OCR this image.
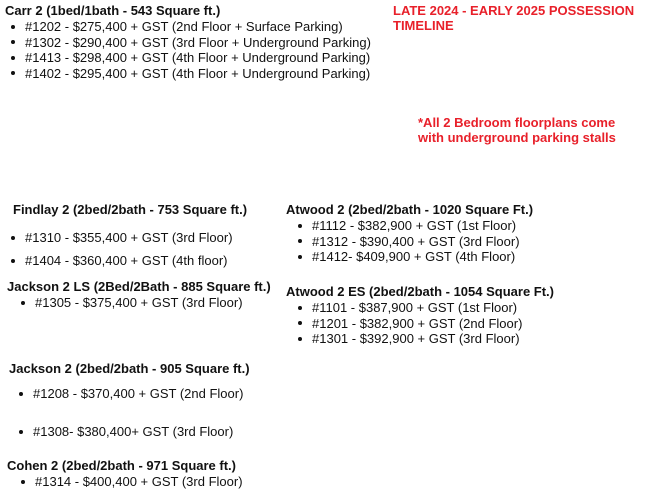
LATE 2024 - EARLY 2025 POSSESSION
TIMELINE
*All 2 Bedroom floorplans come
with underground parking stalls
Carr 2 (1bed/1bath - 543 Square ft.)
#1202 - $275,400 + GST (2nd Floor + Surface Parking)
#1302 - $290,400 + GST (3rd Floor + Underground Parking)
#1413 - $298,400 + GST (4th Floor + Underground Parking)
#1402 - $295,400 + GST (4th Floor + Underground Parking)
Findlay 2 (2bed/2bath - 753 Square ft.)
#1310 - $355,400 + GST (3rd Floor)
#1404 - $360,400 + GST (4th floor)
Jackson 2 LS (2Bed/2Bath - 885 Square ft.)
#1305 - $375,400 + GST (3rd Floor)
Jackson 2 (2bed/2bath - 905 Square ft.)
#1208 - $370,400 + GST (2nd Floor)
#1308- $380,400+ GST (3rd Floor)
Cohen 2 (2bed/2bath - 971 Square ft.)
#1314 - $400,400 + GST (3rd Floor)
Atwood 2 (2bed/2bath - 1020 Square Ft.)
#1112 - $382,900 + GST (1st Floor)
#1312 - $390,400 + GST (3rd Floor)
#1412- $409,900 + GST (4th Floor)
Atwood 2 ES (2bed/2bath - 1054 Square Ft.)
#1101 - $387,900 + GST (1st Floor)
#1201 - $382,900 + GST (2nd Floor)
#1301 - $392,900 + GST (3rd Floor)
